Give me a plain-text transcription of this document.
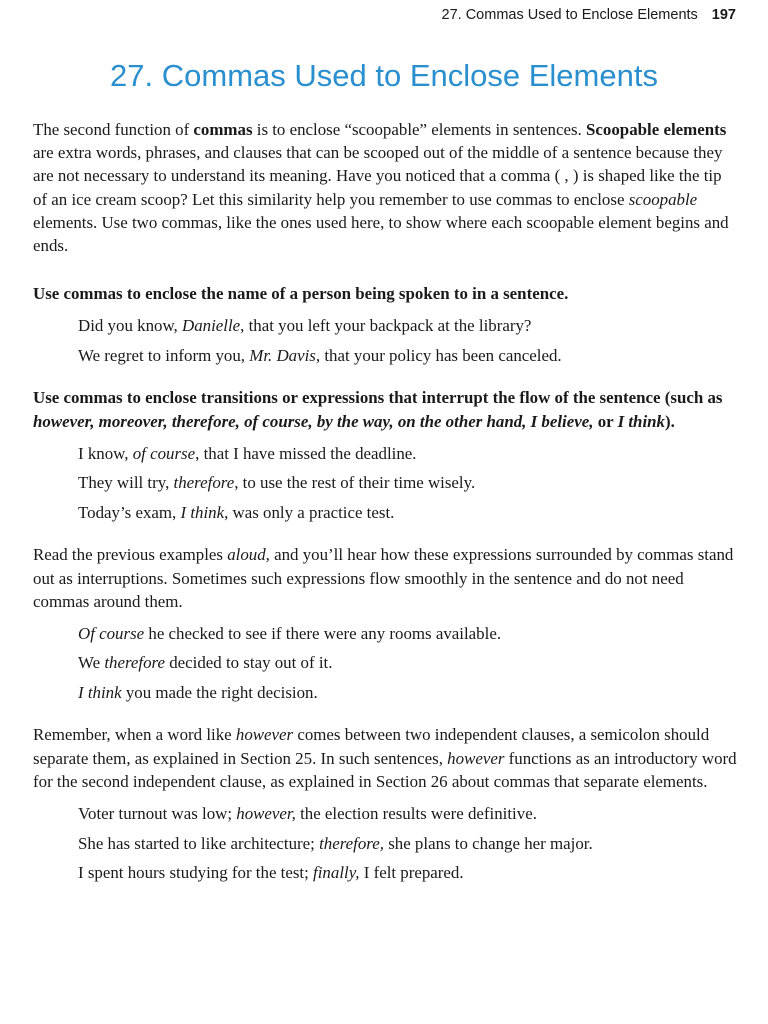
27. Commas Used to Enclose Elements 197
27. Commas Used to Enclose Elements

The second function of commas is to enclose “scoopable” elements in sentences. Scoopable elements are extra words, phrases, and clauses that can be scooped out of the middle of a sentence because they are not necessary to understand its meaning. Have you noticed that a comma ( , ) is shaped like the tip of an ice cream scoop? Let this similarity help you remember to use commas to enclose scoopable elements. Use two commas, like the ones used here, to show where each scoopable element begins and ends.

Use commas to enclose the name of a person being spoken to in a sentence.

Did you know, Danielle, that you left your backpack at the library?

We regret to inform you, Mr. Davis, that your policy has been canceled.

Use commas to enclose transitions or expressions that interrupt the flow of the sentence (such as however, moreover, therefore, of course, by the way, on the other hand, I believe, or I think).

I know, of course, that I have missed the deadline.

They will try, therefore, to use the rest of their time wisely.

Today’s exam, I think, was only a practice test.

Read the previous examples aloud, and you’ll hear how these expressions surrounded by commas stand out as interruptions. Sometimes such expressions flow smoothly in the sentence and do not need commas around them.

Of course he checked to see if there were any rooms available.

We therefore decided to stay out of it.

I think you made the right decision.

Remember, when a word like however comes between two independent clauses, a semicolon should separate them, as explained in Section 25. In such sentences, however functions as an introductory word for the second independent clause, as explained in Section 26 about commas that separate elements.

Voter turnout was low; however, the election results were definitive.

She has started to like architecture; therefore, she plans to change her major.

I spent hours studying for the test; finally, I felt prepared.
